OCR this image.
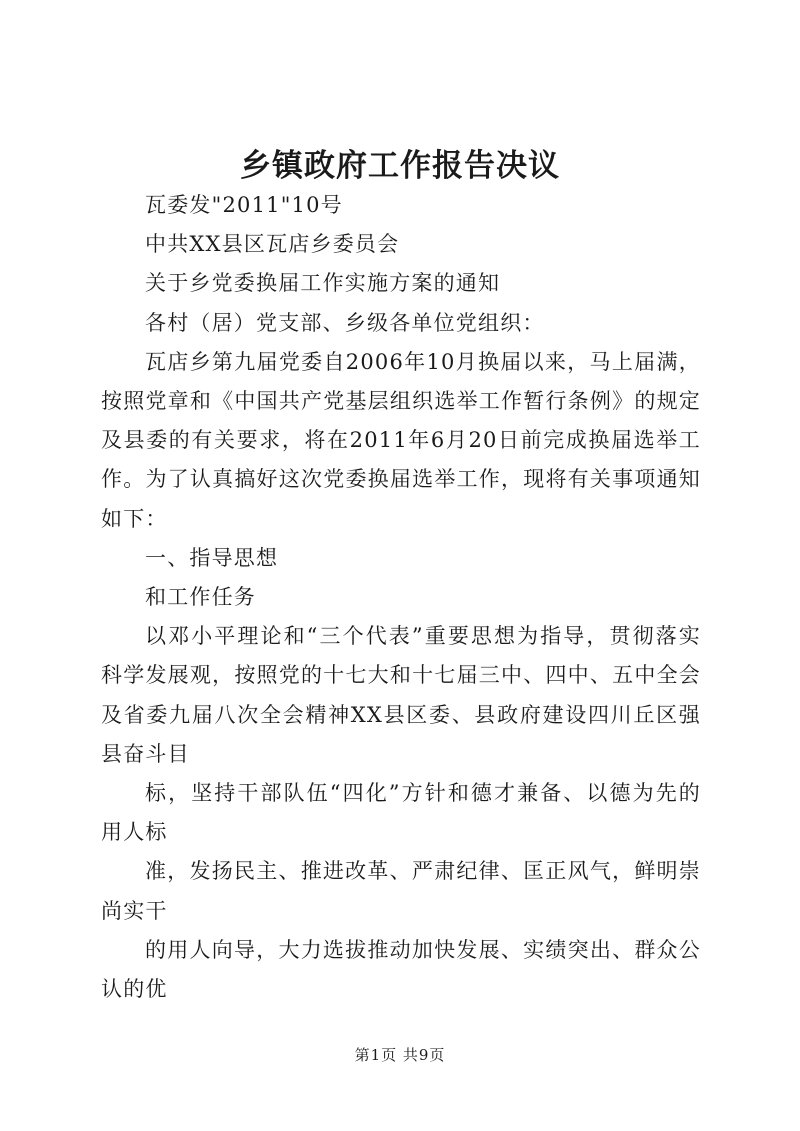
乡镇政府工作报告决议

瓦委发"2011"10号

中共XX县区瓦店乡委员会

关于乡党委换届工作实施方案的通知

各村（居）党支部、乡级各单位党组织：

瓦店乡第九届党委自2006年10月换届以来，马上届满，按照党章和《中国共产党基层组织选举工作暂行条例》的规定及县委的有关要求，将在2011年6月20日前完成换届选举工作。为了认真搞好这次党委换届选举工作，现将有关事项通知如下：

一、指导思想

和工作任务

以邓小平理论和“三个代表”重要思想为指导，贯彻落实科学发展观，按照党的十七大和十七届三中、四中、五中全会及省委九届八次全会精神XX县区委、县政府建设四川丘区强县奋斗目

标，坚持干部队伍“四化”方针和德才兼备、以德为先的用人标

准，发扬民主、推进改革、严肃纪律、匡正风气，鲜明崇尚实干

的用人向导，大力选拔推动加快发展、实绩突出、群众公认的优

第1页 共9页
